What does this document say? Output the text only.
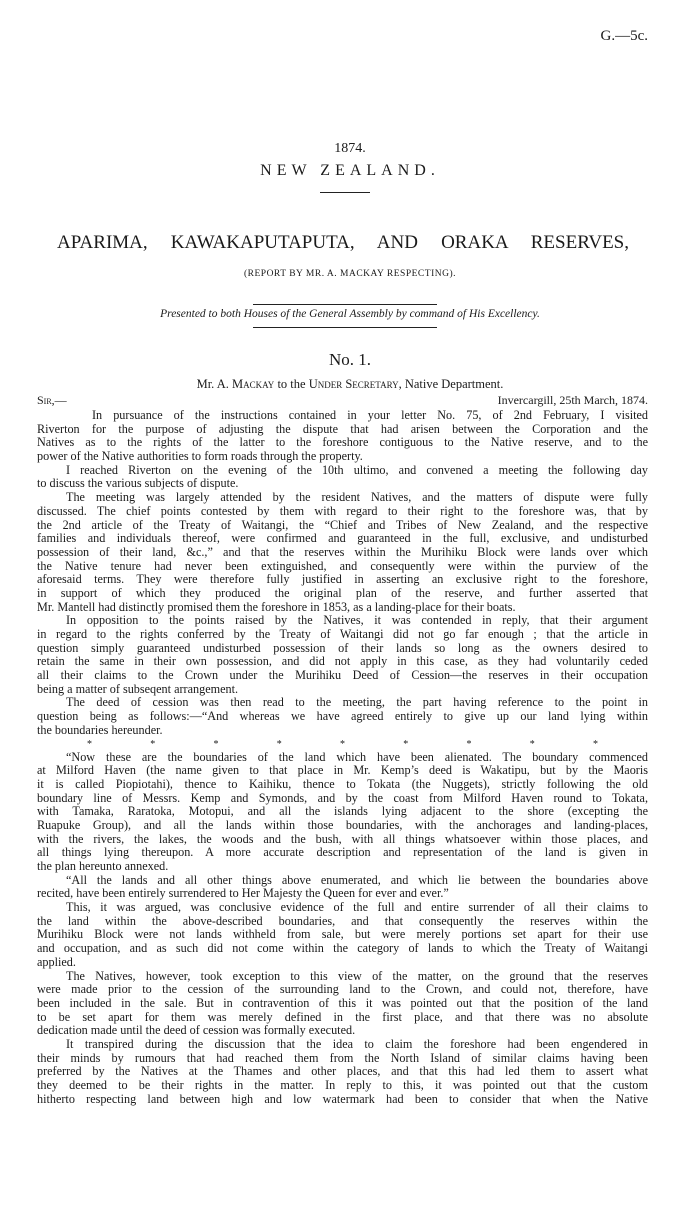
G.—5c.
1874.
NEW ZEALAND.
APARIMA, KAWAKAPUTAPUTA, AND ORAKA RESERVES,
(REPORT BY MR. A. MACKAY RESPECTING).
Presented to both Houses of the General Assembly by command of His Excellency.
No. 1.
Mr. A. Mackay to the Under Secretary, Native Department.
Sir,—	Invercargill, 25th March, 1874.
In pursuance of the instructions contained in your letter No. 75, of 2nd February, I visited
Riverton for the purpose of adjusting the dispute that had arisen between the Corporation and the
Natives as to the rights of the latter to the foreshore contiguous to the Native reserve, and to the
power of the Native authorities to form roads through the property.
I reached Riverton on the evening of the 10th ultimo, and convened a meeting the following day
to discuss the various subjects of dispute.
The meeting was largely attended by the resident Natives, and the matters of dispute were fully
discussed. The chief points contested by them with regard to their right to the foreshore was, that by
the 2nd article of the Treaty of Waitangi, the “Chief and Tribes of New Zealand, and the respective
families and individuals thereof, were confirmed and guaranteed in the full, exclusive, and undisturbed
possession of their land, &c.,” and that the reserves within the Murihiku Block were lands over which
the Native tenure had never been extinguished, and consequently were within the purview of the
aforesaid terms. They were therefore fully justified in asserting an exclusive right to the foreshore,
in support of which they produced the original plan of the reserve, and further asserted that
Mr. Mantell had distinctly promised them the foreshore in 1853, as a landing-place for their boats.
In opposition to the points raised by the Natives, it was contended in reply, that their argument
in regard to the rights conferred by the Treaty of Waitangi did not go far enough ; that the article in
question simply guaranteed undisturbed possession of their lands so long as the owners desired to
retain the same in their own possession, and did not apply in this case, as they had voluntarily ceded
all their claims to the Crown under the Murihiku Deed of Cession—the reserves in their occupation
being a matter of subseqent arrangement.
The deed of cession was then read to the meeting, the part having reference to the point in
question being as follows:—“And whereas we have agreed entirely to give up our land lying within
the boundaries hereunder.
*	*	*	*	*	*	*	*	*
“Now these are the boundaries of the land which have been alienated. The boundary commenced
at Milford Haven (the name given to that place in Mr. Kemp’s deed is Wakatipu, but by the Maoris
it is called Piopiotahi), thence to Kaihiku, thence to Tokata (the Nuggets), strictly following the old
boundary line of Messrs. Kemp and Symonds, and by the coast from Milford Haven round to Tokata,
with Tamaka, Raratoka, Motopui, and all the islands lying adjacent to the shore (excepting the
Ruapuke Group), and all the lands within those boundaries, with the anchorages and landing-places,
with the rivers, the lakes, the woods and the bush, with all things whatsoever within those places, and
all things lying thereupon. A more accurate description and representation of the land is given in
the plan hereunto annexed.
“All the lands and all other things above enumerated, and which lie between the boundaries above
recited, have been entirely surrendered to Her Majesty the Queen for ever and ever.”
This, it was argued, was conclusive evidence of the full and entire surrender of all their claims to
the land within the above-described boundaries, and that consequently the reserves within the
Murihiku Block were not lands withheld from sale, but were merely portions set apart for their use
and occupation, and as such did not come within the category of lands to which the Treaty of Waitangi
applied.
The Natives, however, took exception to this view of the matter, on the ground that the reserves
were made prior to the cession of the surrounding land to the Crown, and could not, therefore, have
been included in the sale. But in contravention of this it was pointed out that the position of the land
to be set apart for them was merely defined in the first place, and that there was no absolute
dedication made until the deed of cession was formally executed.
It transpired during the discussion that the idea to claim the foreshore had been engendered in
their minds by rumours that had reached them from the North Island of similar claims having been
preferred by the Natives at the Thames and other places, and that this had led them to assert what
they deemed to be their rights in the matter. In reply to this, it was pointed out that the custom
hitherto respecting land between high and low watermark had been to consider that when the Native
